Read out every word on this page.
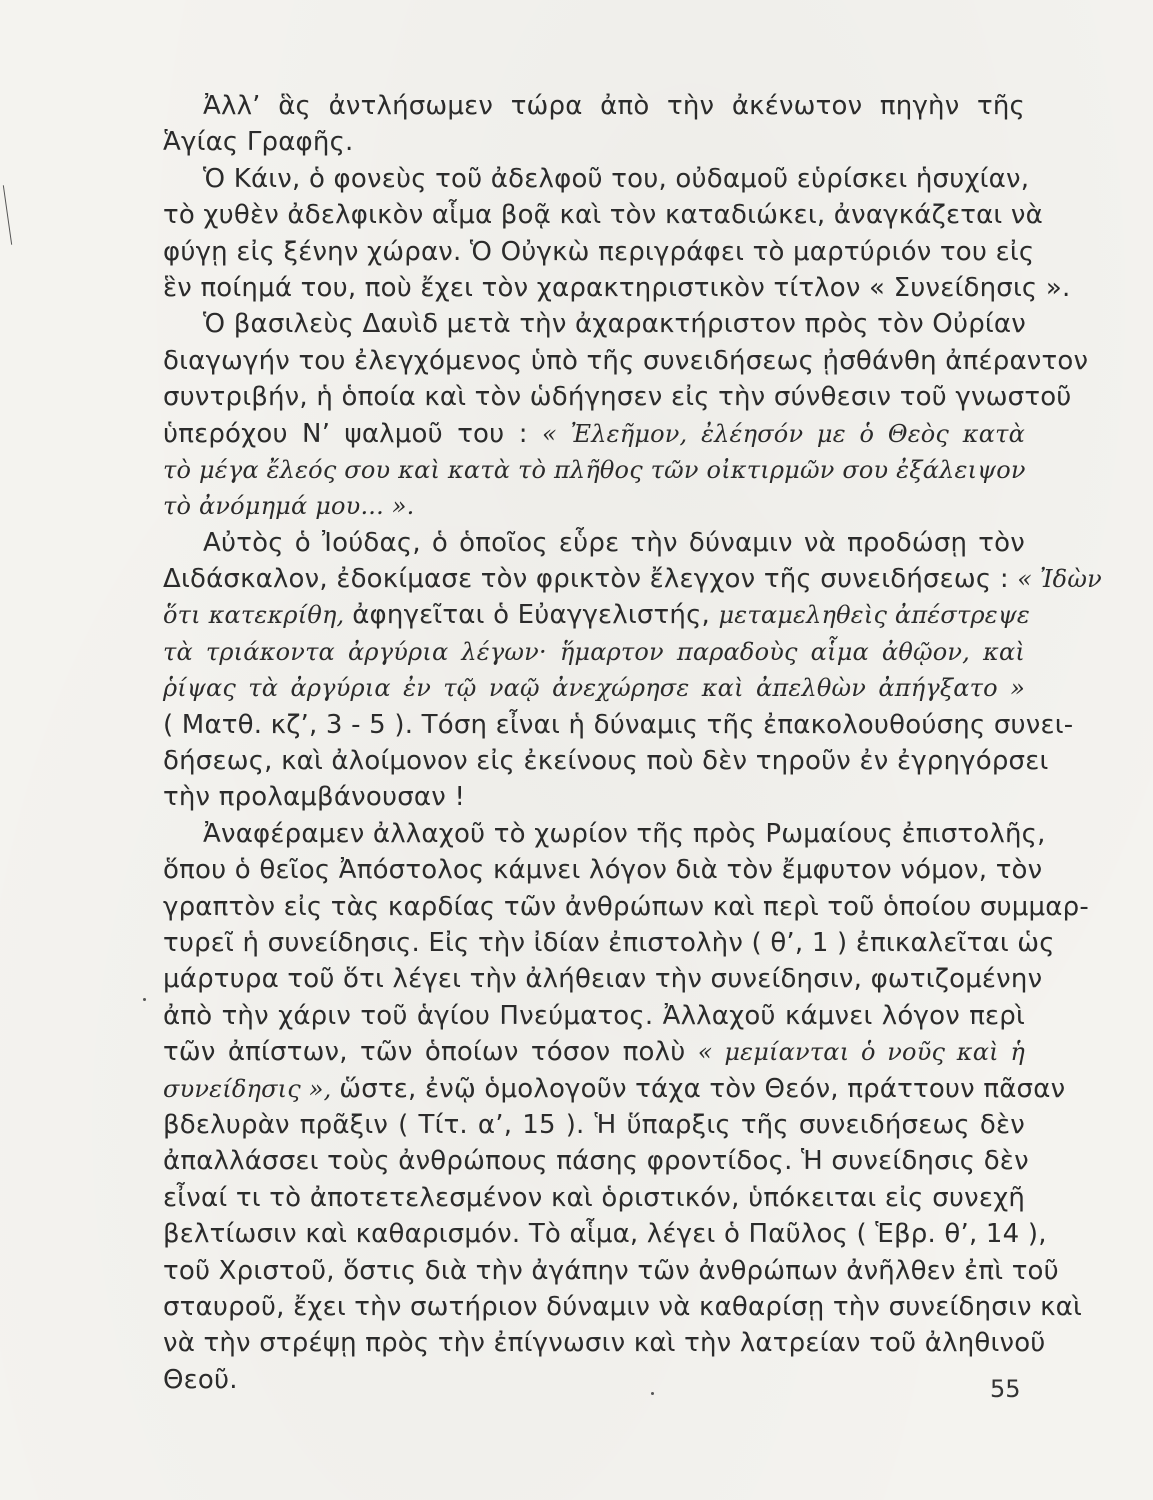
Ἀλλ’ ἃς ἀντλήσωμεν τώρα ἀπὸ τὴν ἀκένωτον πηγὴν τῆς
Ἁγίας Γραφῆς.
Ὁ Κάιν, ὁ φονεὺς τοῦ ἀδελφοῦ του, οὐδαμοῦ εὑρίσκει ἡσυχίαν,
τὸ χυθὲν ἀδελφικὸν αἷμα βοᾷ καὶ τὸν καταδιώκει, ἀναγκάζεται νὰ
φύγῃ εἰς ξένην χώραν. Ὁ Οὐγκὼ περιγράφει τὸ μαρτύριόν του εἰς
ἓν ποίημά του, ποὺ ἔχει τὸν χαρακτηριστικὸν τίτλον « Συνείδησις ».
Ὁ βασιλεὺς Δαυὶδ μετὰ τὴν ἀχαρακτήριστον πρὸς τὸν Οὐρίαν
διαγωγήν του ἐλεγχόμενος ὑπὸ τῆς συνειδήσεως ᾐσθάνθη ἀπέραντον
συντριβήν, ἡ ὁποία καὶ τὸν ὡδήγησεν εἰς τὴν σύνθεσιν τοῦ γνωστοῦ
ὑπερόχου Ν’ ψαλμοῦ του : « Ἐλεῆμον, ἐλέησόν με ὁ Θεὸς κατὰ
τὸ μέγα ἔλεός σου καὶ κατὰ τὸ πλῆθος τῶν οἰκτιρμῶν σου ἐξάλειψον
τὸ ἀνόμημά μου... ».
Αὐτὸς ὁ Ἰούδας, ὁ ὁποῖος εὗρε τὴν δύναμιν νὰ προδώσῃ τὸν
Διδάσκαλον, ἐδοκίμασε τὸν φρικτὸν ἔλεγχον τῆς συνειδήσεως : « Ἰδὼν
ὅτι κατεκρίθη, ἀφηγεῖται ὁ Εὐαγγελιστής, μεταμεληθεὶς ἀπέστρεψε
τὰ τριάκοντα ἀργύρια λέγων· ἥμαρτον παραδοὺς αἷμα ἀθῷον, καὶ
ῥίψας τὰ ἀργύρια ἐν τῷ ναῷ ἀνεχώρησε καὶ ἀπελθὼν ἀπήγξατο »
( Ματθ. κζ’, 3 - 5 ). Τόση εἶναι ἡ δύναμις τῆς ἐπακολουθούσης συνει-
δήσεως, καὶ ἀλοίμονον εἰς ἐκείνους ποὺ δὲν τηροῦν ἐν ἐγρηγόρσει
τὴν προλαμβάνουσαν !
Ἀναφέραμεν ἀλλαχοῦ τὸ χωρίον τῆς πρὸς Ρωμαίους ἐπιστολῆς,
ὅπου ὁ θεῖος Ἀπόστολος κάμνει λόγον διὰ τὸν ἔμφυτον νόμον, τὸν
γραπτὸν εἰς τὰς καρδίας τῶν ἀνθρώπων καὶ περὶ τοῦ ὁποίου συμμαρ-
τυρεῖ ἡ συνείδησις. Εἰς τὴν ἰδίαν ἐπιστολὴν ( θ’, 1 ) ἐπικαλεῖται ὡς
μάρτυρα τοῦ ὅτι λέγει τὴν ἀλήθειαν τὴν συνείδησιν, φωτιζομένην
ἀπὸ τὴν χάριν τοῦ ἁγίου Πνεύματος. Ἀλλαχοῦ κάμνει λόγον περὶ
τῶν ἀπίστων, τῶν ὁποίων τόσον πολὺ « μεμίανται ὁ νοῦς καὶ ἡ
συνείδησις », ὥστε, ἐνῷ ὁμολογοῦν τάχα τὸν Θεόν, πράττουν πᾶσαν
βδελυρὰν πρᾶξιν ( Τίτ. α’, 15 ). Ἡ ὕπαρξις τῆς συνειδήσεως δὲν
ἀπαλλάσσει τοὺς ἀνθρώπους πάσης φροντίδος. Ἡ συνείδησις δὲν
εἶναί τι τὸ ἀποτετελεσμένον καὶ ὁριστικόν, ὑπόκειται εἰς συνεχῆ
βελτίωσιν καὶ καθαρισμόν. Τὸ αἷμα, λέγει ὁ Παῦλος ( Ἑβρ. θ’, 14 ),
τοῦ Χριστοῦ, ὅστις διὰ τὴν ἀγάπην τῶν ἀνθρώπων ἀνῆλθεν ἐπὶ τοῦ
σταυροῦ, ἔχει τὴν σωτήριον δύναμιν νὰ καθαρίσῃ τὴν συνείδησιν καὶ
νὰ τὴν στρέψῃ πρὸς τὴν ἐπίγνωσιν καὶ τὴν λατρείαν τοῦ ἀληθινοῦ
Θεοῦ.	55
